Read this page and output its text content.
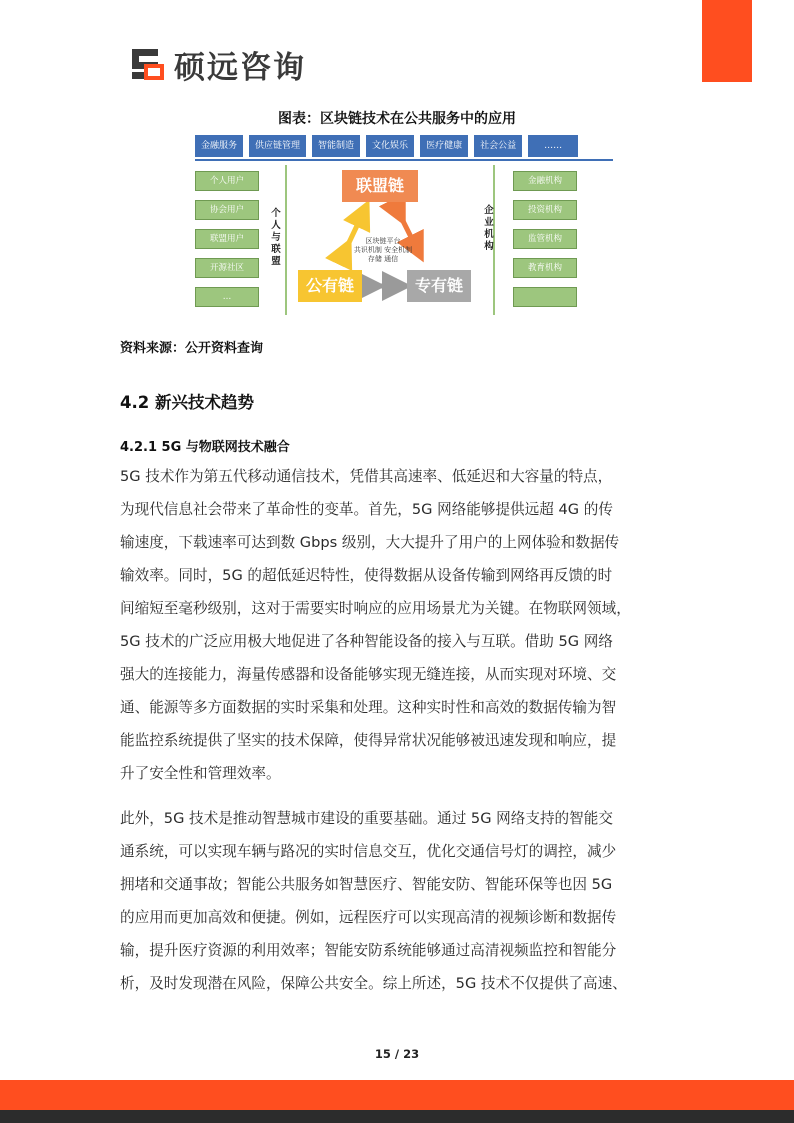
硕远咨询
图表：区块链技术在公共服务中的应用
金融服务	供应链管理	智能制造	文化娱乐	医疗健康	社会公益	……
个人用户
协会用户
联盟用户
开源社区
…
个人与联盟
企业机构
金融机构
投资机构
监管机构
教育机构
联盟链
公有链	专有链
区块链平台
共识机制 安全机制
存储 通信
资料来源：公开资料查询
4.2 新兴技术趋势
4.2.1 5G 与物联网技术融合
5G 技术作为第五代移动通信技术，凭借其高速率、低延迟和大容量的特点，
为现代信息社会带来了革命性的变革。首先，5G 网络能够提供远超 4G 的传
输速度，下载速率可达到数 Gbps 级别，大大提升了用户的上网体验和数据传
输效率。同时，5G 的超低延迟特性，使得数据从设备传输到网络再反馈的时
间缩短至毫秒级别，这对于需要实时响应的应用场景尤为关键。在物联网领域，
5G 技术的广泛应用极大地促进了各种智能设备的接入与互联。借助 5G 网络
强大的连接能力，海量传感器和设备能够实现无缝连接，从而实现对环境、交
通、能源等多方面数据的实时采集和处理。这种实时性和高效的数据传输为智
能监控系统提供了坚实的技术保障，使得异常状况能够被迅速发现和响应，提
升了安全性和管理效率。
此外，5G 技术是推动智慧城市建设的重要基础。通过 5G 网络支持的智能交
通系统，可以实现车辆与路况的实时信息交互，优化交通信号灯的调控，减少
拥堵和交通事故；智能公共服务如智慧医疗、智能安防、智能环保等也因 5G
的应用而更加高效和便捷。例如，远程医疗可以实现高清的视频诊断和数据传
输，提升医疗资源的利用效率；智能安防系统能够通过高清视频监控和智能分
析，及时发现潜在风险，保障公共安全。综上所述，5G 技术不仅提供了高速、
15 / 23
